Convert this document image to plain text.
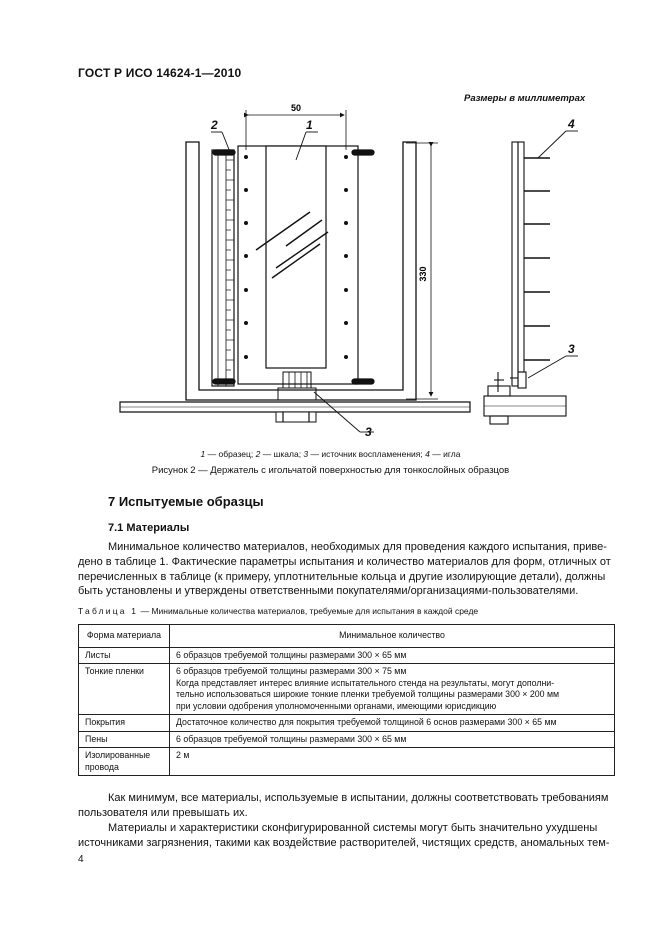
ГОСТ Р ИСО 14624-1—2010
Размеры в миллиметрах
50
330
1
2
3
4
3
1 — образец; 2 — шкала; 3 — источник воспламенения; 4 — игла
Рисунок 2 — Держатель с игольчатой поверхностью для тонкослойных образцов
7 Испытуемые образцы
7.1 Материалы
Минимальное количество материалов, необходимых для проведения каждого испытания, приве-
дено в таблице 1. Фактические параметры испытания и количество материалов для форм, отличных от
перечисленных в таблице (к примеру, уплотнительные кольца и другие изолирующие детали), должны
быть установлены и утверждены ответственными покупателями/организациями-пользователями.
Таблица 1 — Минимальные количества материалов, требуемые для испытания в каждой среде
Форма материала	Минимальное количество

Листы	6 образцов требуемой толщины размерами 300 × 65 мм

Тонкие пленки	6 образцов требуемой толщины размерами 300 × 75 мм
Когда представляет интерес влияние испытательного стенда на результаты, могут дополни-
тельно использоваться широкие тонкие пленки требуемой толщины размерами 300 × 200 мм
при условии одобрения уполномоченными органами, имеющими юрисдикцию

Покрытия	Достаточное количество для покрытия требуемой толщиной 6 основ размерами 300 × 65 мм

Пены	6 образцов требуемой толщины размерами 300 × 65 мм

Изолированные
провода	2 м
Как минимум, все материалы, используемые в испытании, должны соответствовать требованиям
пользователя или превышать их.
Материалы и характеристики сконфигурированной системы могут быть значительно ухудшены
источниками загрязнения, такими как воздействие растворителей, чистящих средств, аномальных тем-
4
